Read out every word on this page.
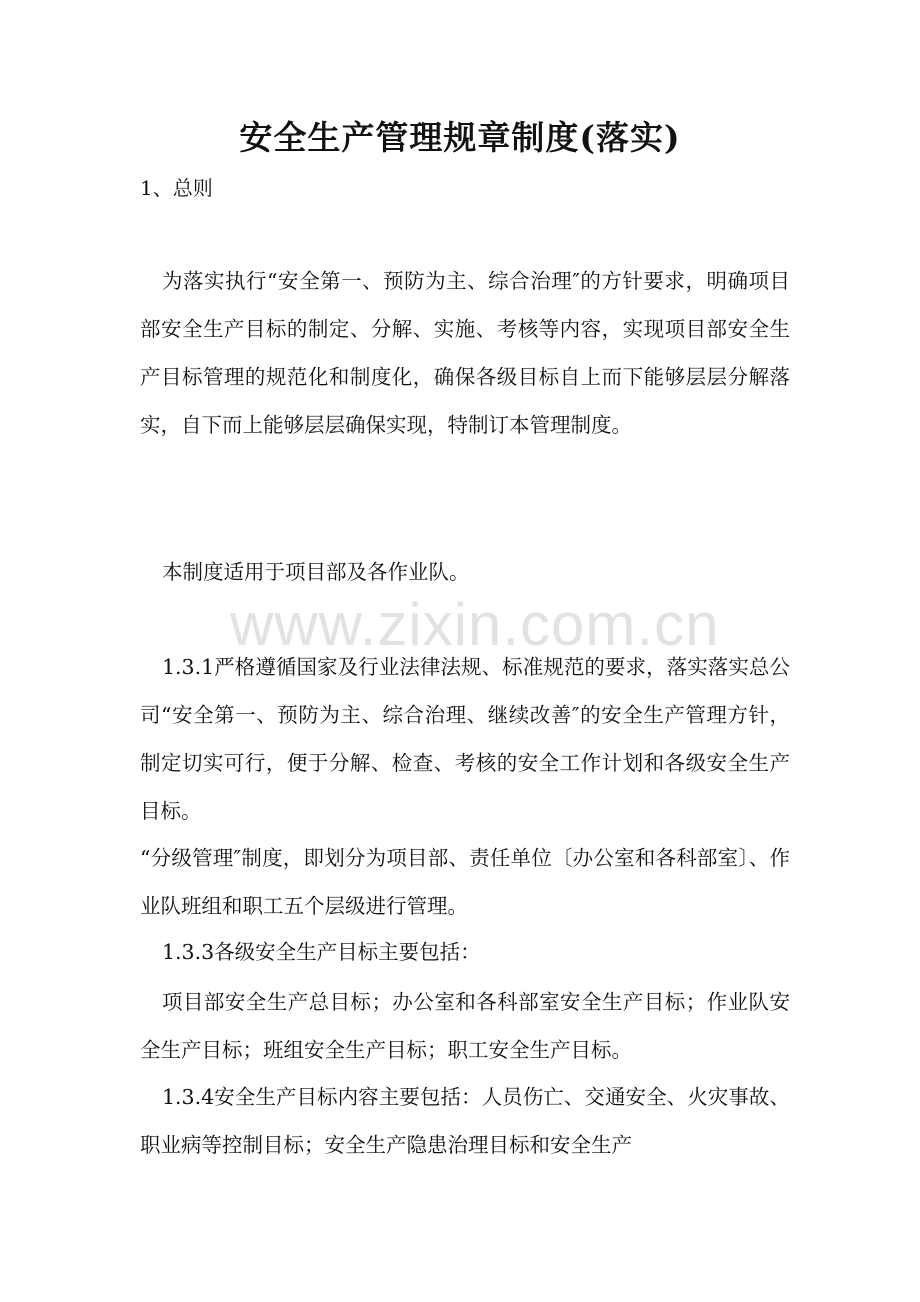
www.zixin.com.cn
安全生产管理规章制度(落实)

1、总则

为落实执行“安全第一、预防为主、综合治理″的方针要求，明确项目部安全生产目标的制定、分解、实施、考核等内容，实现项目部安全生产目标管理的规范化和制度化，确保各级目标自上而下能够层层分解落实，自下而上能够层层确保实现，特制订本管理制度。

本制度适用于项目部及各作业队。

1.3.1严格遵循国家及行业法律法规、标准规范的要求，落实落实总公司“安全第一、预防为主、综合治理、继续改善″的安全生产管理方针，制定切实可行，便于分解、检查、考核的安全工作计划和各级安全生产目标。

“分级管理″制度，即划分为项目部、责任单位〔办公室和各科部室〕、作业队班组和职工五个层级进行管理。

1.3.3各级安全生产目标主要包括：

项目部安全生产总目标；办公室和各科部室安全生产目标；作业队安全生产目标；班组安全生产目标；职工安全生产目标。

1.3.4安全生产目标内容主要包括：人员伤亡、交通安全、火灾事故、职业病等控制目标；安全生产隐患治理目标和安全生产
